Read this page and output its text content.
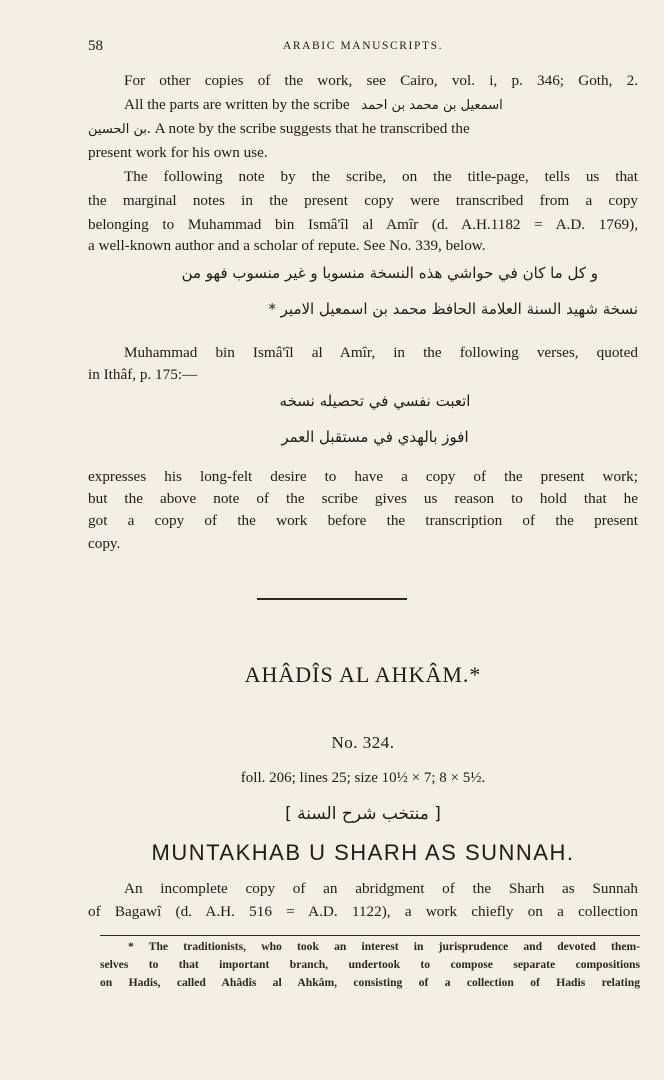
58	ARABIC MANUSCRIPTS.
For other copies of the work, see Cairo, vol. i, p. 346; Goth, 2.
All the parts are written by the scribe اسمعيل بن محمد بن احمد
بن الحسين. A note by the scribe suggests that he transcribed the
present work for his own use.
The following note by the scribe, on the title-page, tells us that
the marginal notes in the present copy were transcribed from a copy
belonging to Muhammad bin Ismâ'îl al Amîr (d. A.H.1182 = A.D. 1769),
a well-known author and a scholar of repute. See No. 339, below.
و كل ما كان في حواشي هذه النسخة منسوبا و غير منسوب فهو من
نسخة شهيد السنة العلامة الحافظ محمد بن اسمعيل الامير *
Muhammad bin Ismâ'îl al Amîr, in the following verses, quoted
in Ithâf, p. 175:—
اتعبت نفسي في تحصيله نسخه
افوز بالهدي في مستقبل العمر
expresses his long-felt desire to have a copy of the present work;
but the above note of the scribe gives us reason to hold that he
got a copy of the work before the transcription of the present
copy.
AHÂDÎS AL AHKÂM.*
No. 324.
foll. 206; lines 25; size 10½ × 7; 8 × 5½.
[ منتخب شرح السنة ]
MUNTAKHAB U SHARH AS SUNNAH.
An incomplete copy of an abridgment of the Sharh as Sunnah
of Bagawî (d. A.H. 516 = A.D. 1122), a work chiefly on a collection
* The traditionists, who took an interest in jurisprudence and devoted them-
selves to that important branch, undertook to compose separate compositions
on Hadis, called Ahâdîs al Ahkâm, consisting of a collection of Hadis relating
